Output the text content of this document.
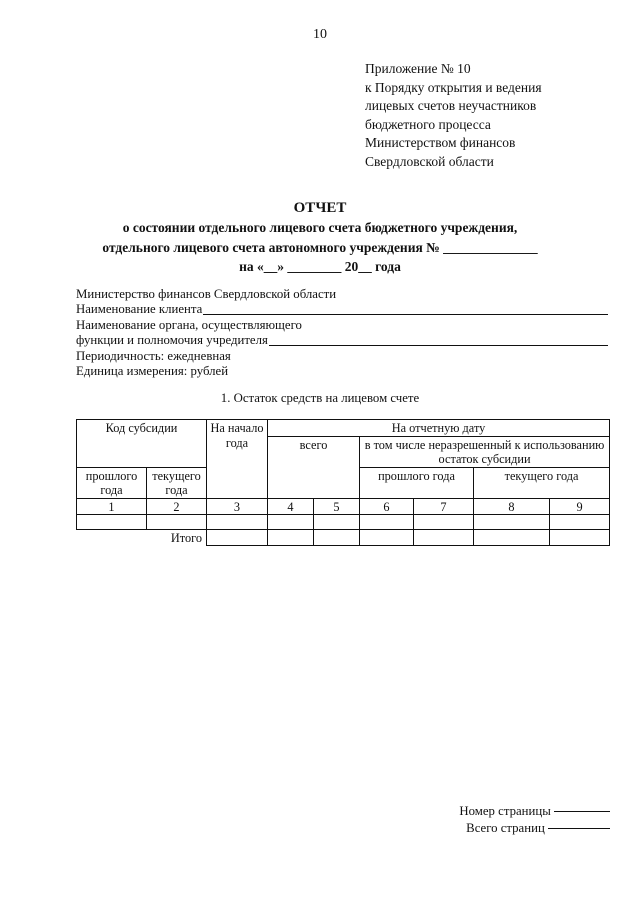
10
Приложение № 10
к Порядку открытия и ведения
лицевых счетов неучастников
бюджетного процесса
Министерством финансов
Свердловской области
ОТЧЕТ
о состоянии отдельного лицевого счета бюджетного учреждения,
отдельного лицевого счета автономного учреждения № ______________
на «__» ________ 20__ года
Министерство финансов Свердловской области
Наименование клиента
Наименование органа, осуществляющего
функции и полномочия учредителя
Периодичность: ежедневная
Единица измерения: рублей
1. Остаток средств на лицевом счете
Код субсидии		На начало года	На отчетную дату					
			всего		в том числе неразрешенный к использованию остаток субсидии			
прошлого года	текущего года				прошлого года		текущего года	
1	2	3	4	5	6	7	8	9

Итого								
Номер страницы
Всего страниц
